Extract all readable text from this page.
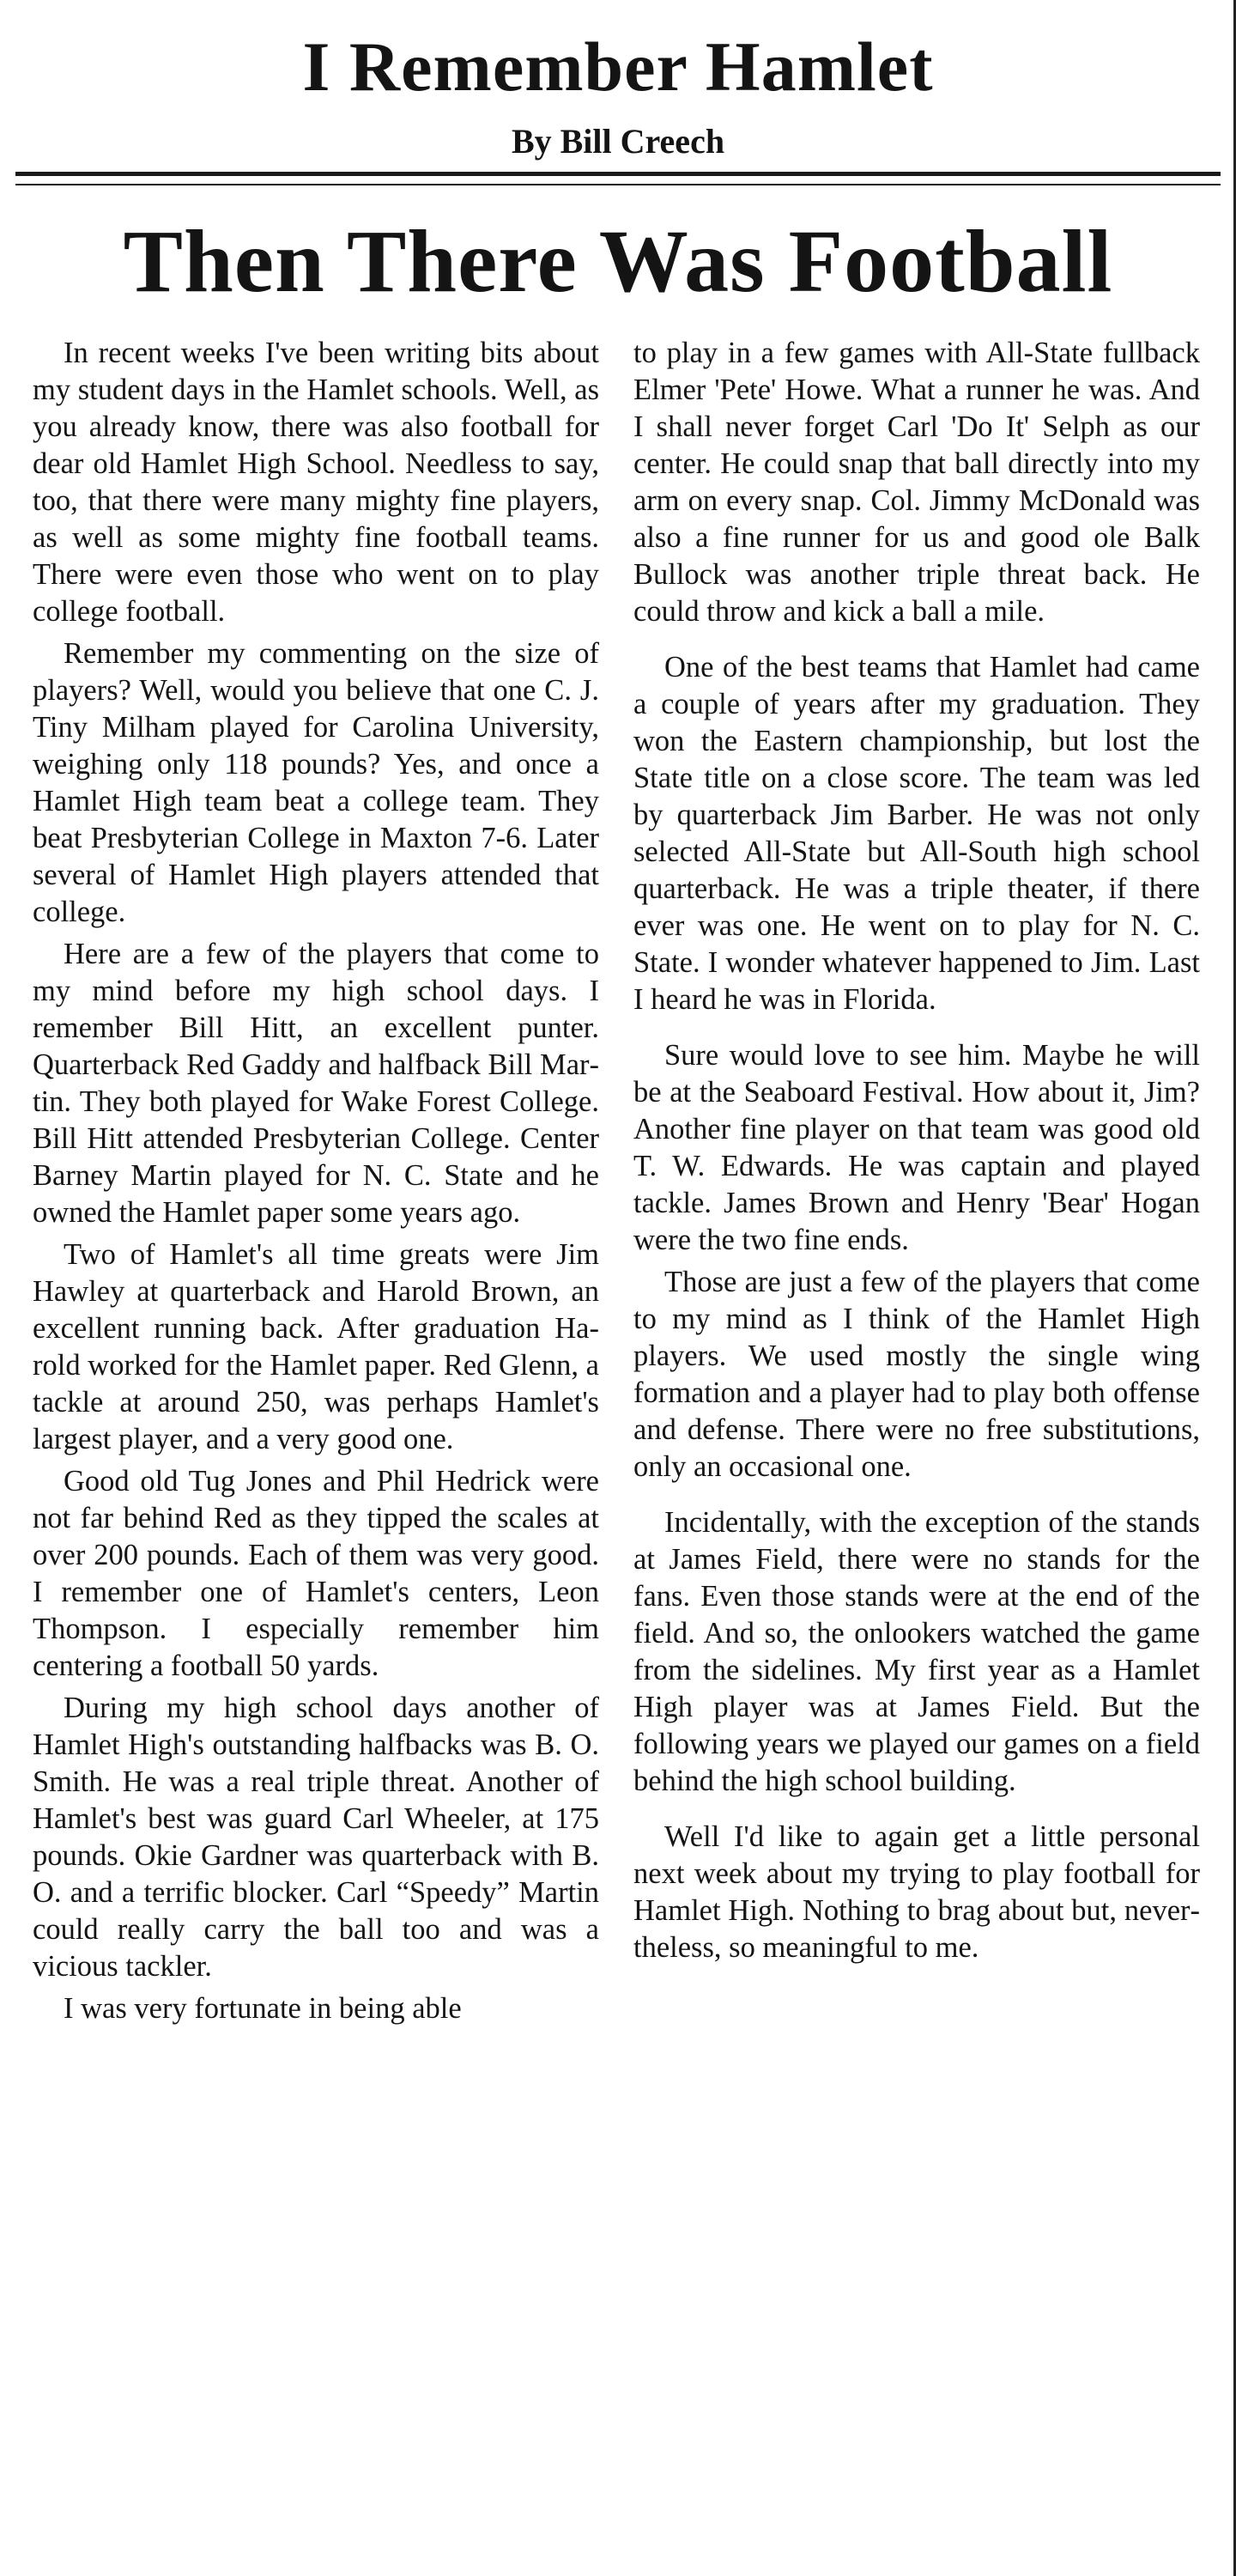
I Remember Hamlet
By Bill Creech
Then There Was Football

In recent weeks I've been writing bits about my student days in the Hamlet schools. Well, as you already know, there was also football for dear old Hamlet High School. Needless to say, too, that there were many mighty fine players, as well as some mighty fine football teams. There were even those who went on to play college football.

Remember my commenting on the size of players? Well, would you believe that one C. J. Tiny Milham played for Carolina University, weighing only 118 pounds? Yes, and once a Hamlet High team beat a college team. They beat Presbyterian College in Maxton 7-6. Later several of Hamlet High players attended that college.

Here are a few of the players that come to my mind before my high school days. I remember Bill Hitt, an excellent punter. Quarterback Red Gaddy and halfback Bill Martin. They both played for Wake Forest College. Bill Hitt attended Presbyterian College. Center Barney Martin played for N. C. State and he owned the Hamlet paper some years ago.

Two of Hamlet's all time greats were Jim Hawley at quarterback and Harold Brown, an excellent running back. After graduation Harold worked for the Hamlet paper. Red Glenn, a tackle at around 250, was perhaps Hamlet's largest player, and a very good one.

Good old Tug Jones and Phil Hedrick were not far behind Red as they tipped the scales at over 200 pounds. Each of them was very good. I remember one of Hamlet's centers, Leon Thompson. I especially remember him centering a football 50 yards.

During my high school days another of Hamlet High's outstanding halfbacks was B. O. Smith. He was a real triple threat. Another of Hamlet's best was guard Carl Wheeler, at 175 pounds. Okie Gardner was quarterback with B. O. and a terrific blocker. Carl “Speedy” Martin could really carry the ball too and was a vicious tackler.

I was very fortunate in being able

to play in a few games with All-State fullback Elmer 'Pete' Howe. What a runner he was. And I shall never forget Carl 'Do It' Selph as our center. He could snap that ball directly into my arm on every snap. Col. Jimmy McDonald was also a fine runner for us and good ole Balk Bullock was another triple threat back. He could throw and kick a ball a mile.

One of the best teams that Hamlet had came a couple of years after my graduation. They won the Eastern championship, but lost the State title on a close score. The team was led by quarterback Jim Barber. He was not only selected All-State but All-South high school quarterback. He was a triple theater, if there ever was one. He went on to play for N. C. State. I wonder whatever happened to Jim. Last I heard he was in Florida.

Sure would love to see him. Maybe he will be at the Seaboard Festival. How about it, Jim? Another fine player on that team was good old T. W. Edwards. He was captain and played tackle. James Brown and Henry 'Bear' Hogan were the two fine ends.

Those are just a few of the players that come to my mind as I think of the Hamlet High players. We used mostly the single wing formation and a player had to play both offense and defense. There were no free substitutions, only an occasional one.

Incidentally, with the exception of the stands at James Field, there were no stands for the fans. Even those stands were at the end of the field. And so, the onlookers watched the game from the sidelines. My first year as a Hamlet High player was at James Field. But the following years we played our games on a field behind the high school building.

Well I'd like to again get a little personal next week about my trying to play football for Hamlet High. Nothing to brag about but, nevertheless, so meaningful to me.
